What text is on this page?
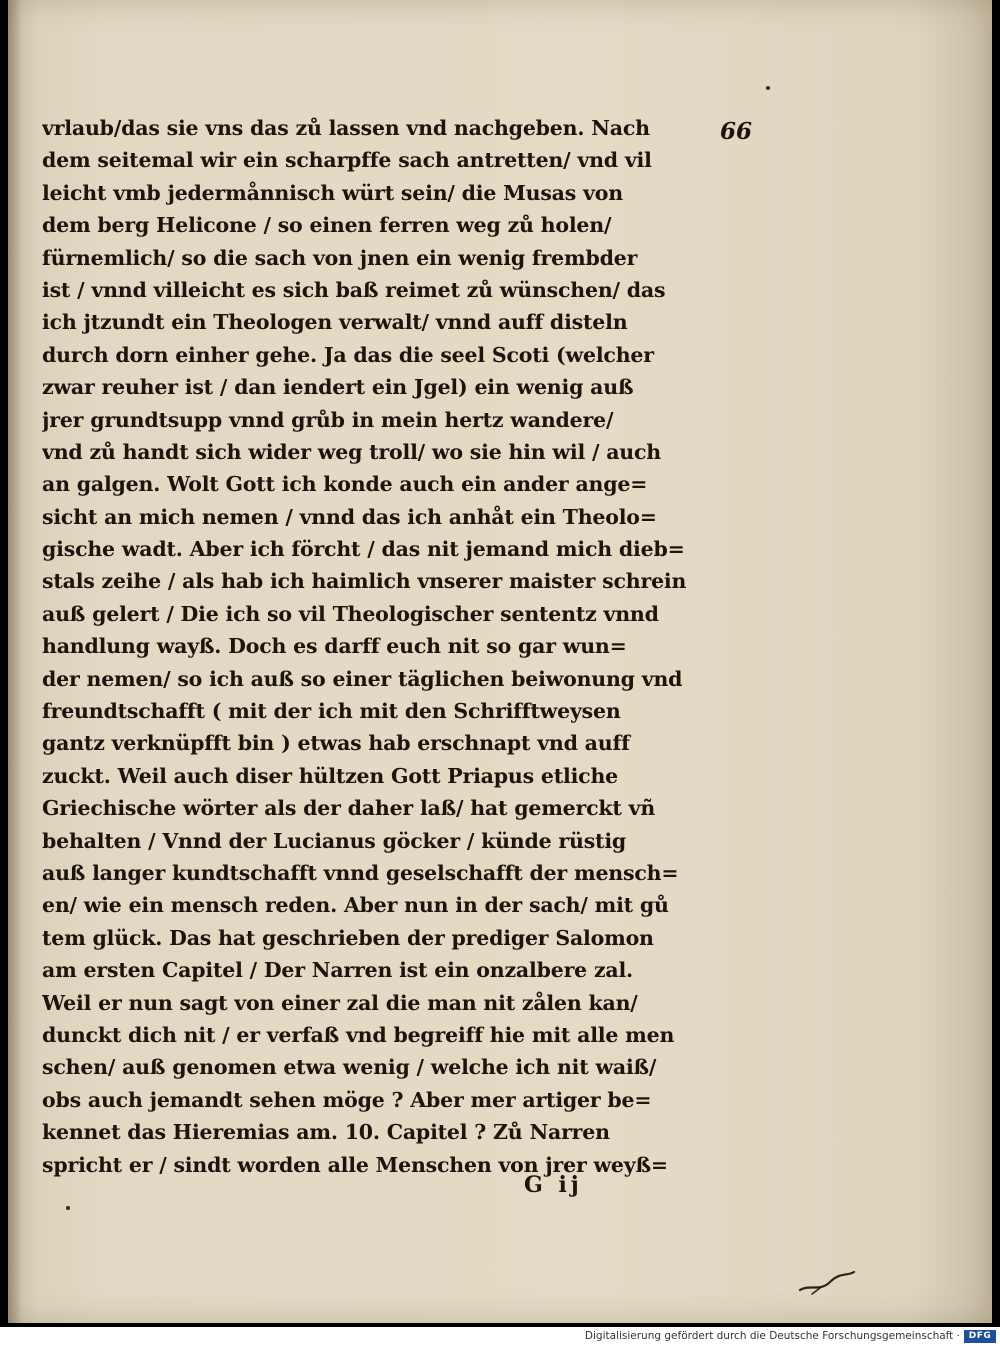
66
vrlaub/das sie vns das zů lassen vnd nachgeben. Nach
dem seitemal wir ein scharpffe sach antretten/ vnd vil
leicht vmb jedermånnisch würt sein/ die Musas von
dem berg Helicone / so einen ferren weg zů holen/
fürnemlich/ so die sach von jnen ein wenig frembder
ist / vnnd villeicht es sich baß reimet zů wünschen/ das
ich jtzundt ein Theologen verwalt/ vnnd auff disteln
durch dorn einher gehe. Ja das die seel Scoti (welcher
zwar reuher ist / dan iendert ein Jgel) ein wenig auß
jrer grundtsupp vnnd grůb in mein hertz wandere/
vnd zů handt sich wider weg troll/ wo sie hin wil / auch
an galgen. Wolt Gott ich konde auch ein ander ange=
sicht an mich nemen / vnnd das ich anhåt ein Theolo=
gische wadt. Aber ich förcht / das nit jemand mich dieb=
stals zeihe / als hab ich haimlich vnserer maister schrein
auß gelert / Die ich so vil Theologischer sententz vnnd
handlung wayß. Doch es darff euch nit so gar wun=
der nemen/ so ich auß so einer täglichen beiwonung vnd
freundtschafft ( mit der ich mit den Schrifftweysen
gantz verknüpfft bin ) etwas hab erschnapt vnd auff
zuckt. Weil auch diser hültzen Gott Priapus etliche
Griechische wörter als der daher laß/ hat gemerckt vñ
behalten / Vnnd der Lucianus göcker / künde rüstig
auß langer kundtschafft vnnd geselschafft der mensch=
en/ wie ein mensch reden. Aber nun in der sach/ mit gů
tem glück. Das hat geschrieben der prediger Salomon
am ersten Capitel / Der Narren ist ein onzalbere zal.
Weil er nun sagt von einer zal die man nit zålen kan/
dunckt dich nit / er verfaß vnd begreiff hie mit alle men
schen/ auß genomen etwa wenig / welche ich nit waiß/
obs auch jemandt sehen möge ? Aber mer artiger be=
kennet das Hieremias am. 10. Capitel ? Zů Narren
spricht er / sindt worden alle Menschen von jrer weyß=
G ij
Digitalisierung gefördert durch die Deutsche Forschungsgemeinschaft · DFG
